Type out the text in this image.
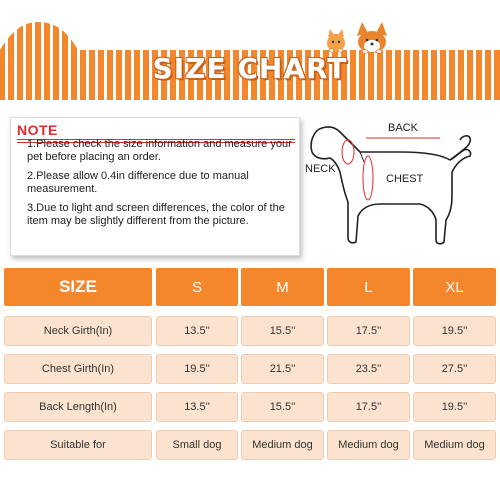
SIZE CHART
NOTE
1.Please check the size information and measure your pet before placing an order.
2.Please allow 0.4in difference due to manual measurement.
3.Due to light and screen differences, the color of the item may be slightly different from the picture.
BACK
NECK
CHEST
SIZE	S	M	L	XL
Neck Girth(In)	13.5''	15.5''	17.5''	19.5''
Chest Girth(In)	19.5''	21.5''	23.5''	27.5''
Back Length(In)	13.5''	15.5''	17.5''	19.5''
Suitable for	Small dog	Medium dog	Medium dog	Medium dog
